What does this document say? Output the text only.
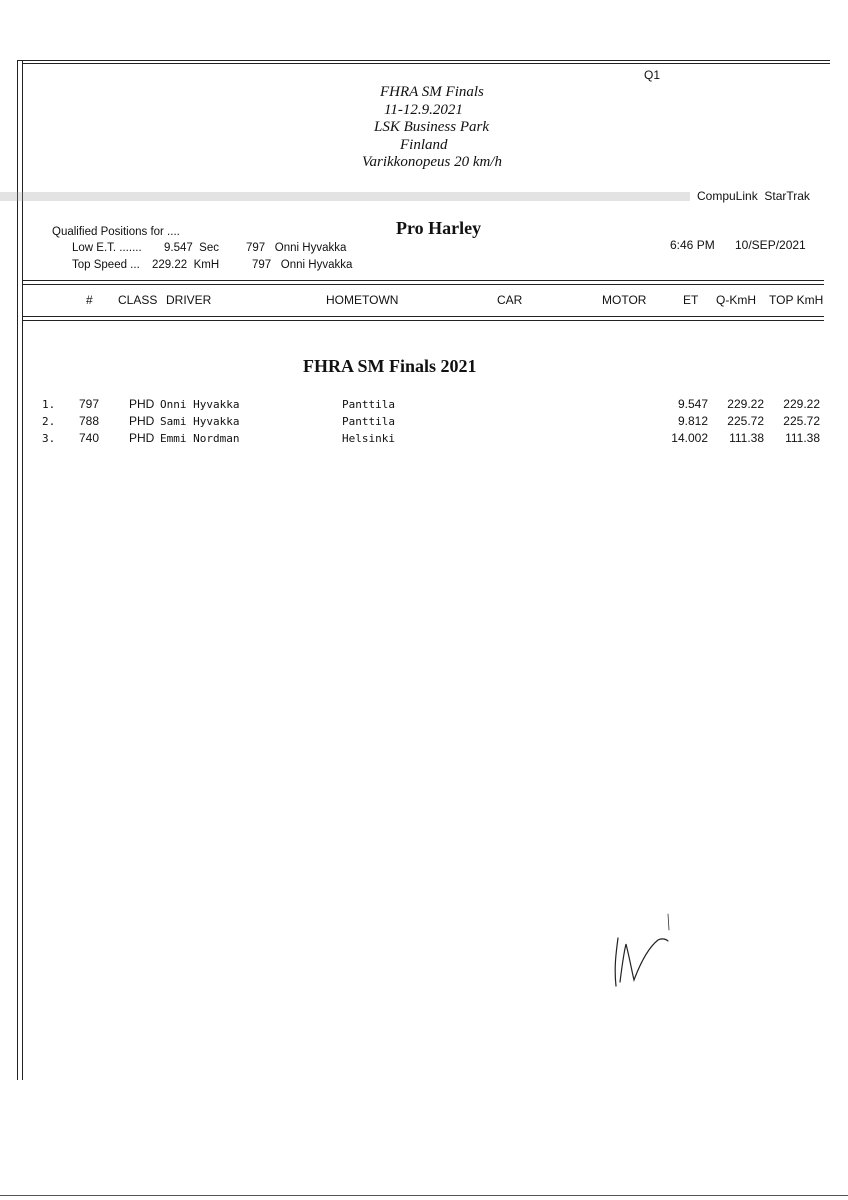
Q1
FHRA SM Finals
11-12.9.2021
LSK Business Park
Finland
Varikkonopeus 20 km/h
CompuLink  StarTrak
Qualified Positions for ....
Low E.T. ....... 9.547  Sec 797   Onni Hyvakka
Top Speed ... 229.22  KmH	797   Onni Hyvakka
Pro Harley
6:46 PM 10/SEP/2021
# CLASS DRIVER	HOMETOWN	CAR	MOTOR	ET Q-KmH TOP KmH
FHRA SM Finals 2021
1. 797 PHD Onni Hyvakka	Panttila	9.547	229.22	229.22
2. 788 PHD Sami Hyvakka	Panttila	9.812	225.72	225.72
3. 740 PHD Emmi Nordman	Helsinki	14.002	111.38	111.38
